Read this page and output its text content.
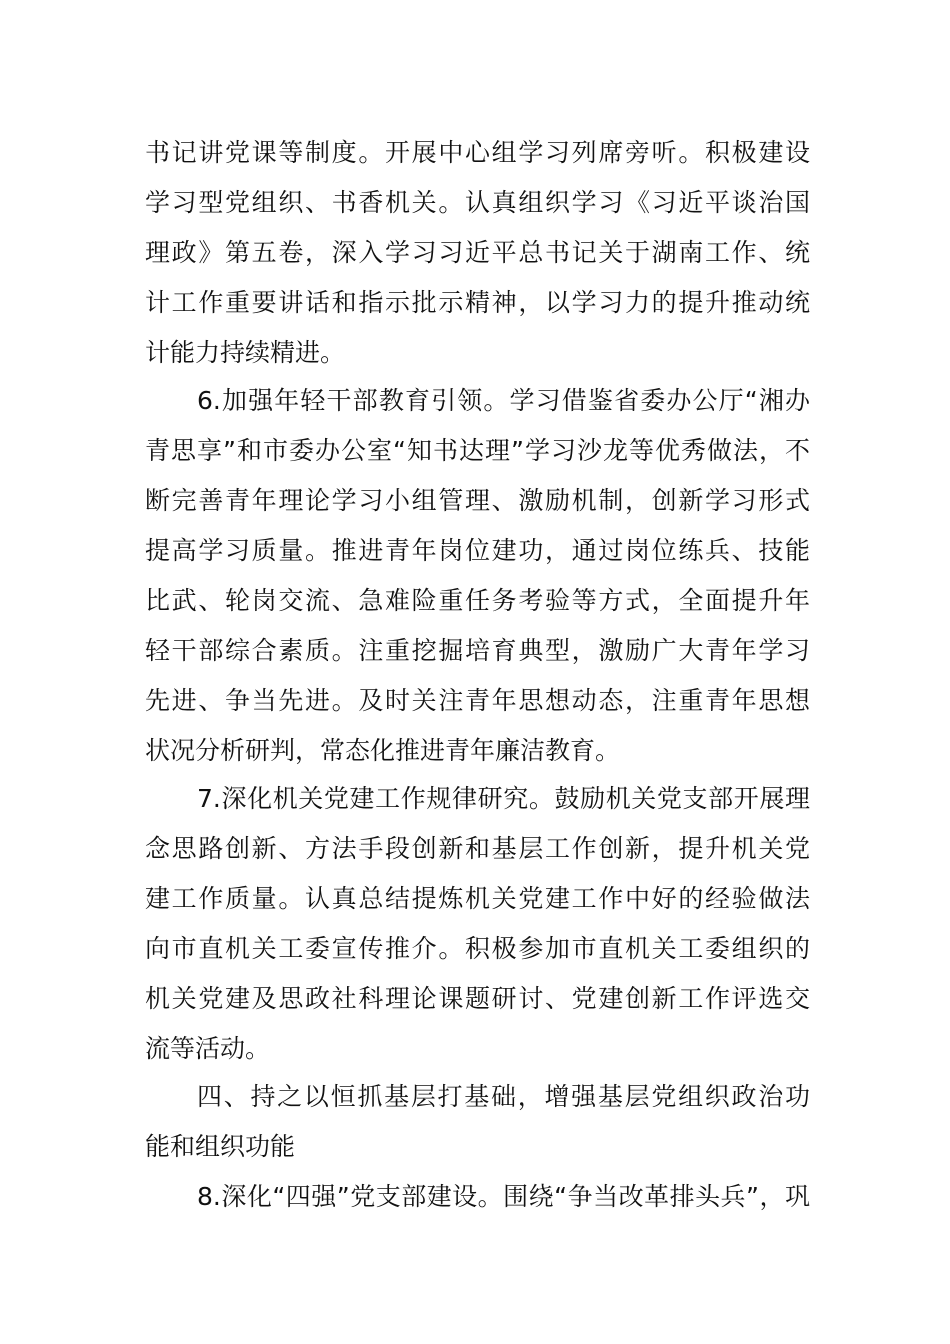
书记讲党课等制度。开展中心组学习列席旁听。积极建设
学习型党组织、书香机关。认真组织学习《习近平谈治国
理政》第五卷，深入学习习近平总书记关于湖南工作、统
计工作重要讲话和指示批示精神，以学习力的提升推动统
计能力持续精进。
6.加强年轻干部教育引领。学习借鉴省委办公厅“湘办
青思享”和市委办公室“知书达理”学习沙龙等优秀做法，不
断完善青年理论学习小组管理、激励机制，创新学习形式
提高学习质量。推进青年岗位建功，通过岗位练兵、技能
比武、轮岗交流、急难险重任务考验等方式，全面提升年
轻干部综合素质。注重挖掘培育典型，激励广大青年学习
先进、争当先进。及时关注青年思想动态，注重青年思想
状况分析研判，常态化推进青年廉洁教育。
7.深化机关党建工作规律研究。鼓励机关党支部开展理
念思路创新、方法手段创新和基层工作创新，提升机关党
建工作质量。认真总结提炼机关党建工作中好的经验做法
向市直机关工委宣传推介。积极参加市直机关工委组织的
机关党建及思政社科理论课题研讨、党建创新工作评选交
流等活动。
四、持之以恒抓基层打基础，增强基层党组织政治功
能和组织功能
8.深化“四强”党支部建设。围绕“争当改革排头兵”，巩
